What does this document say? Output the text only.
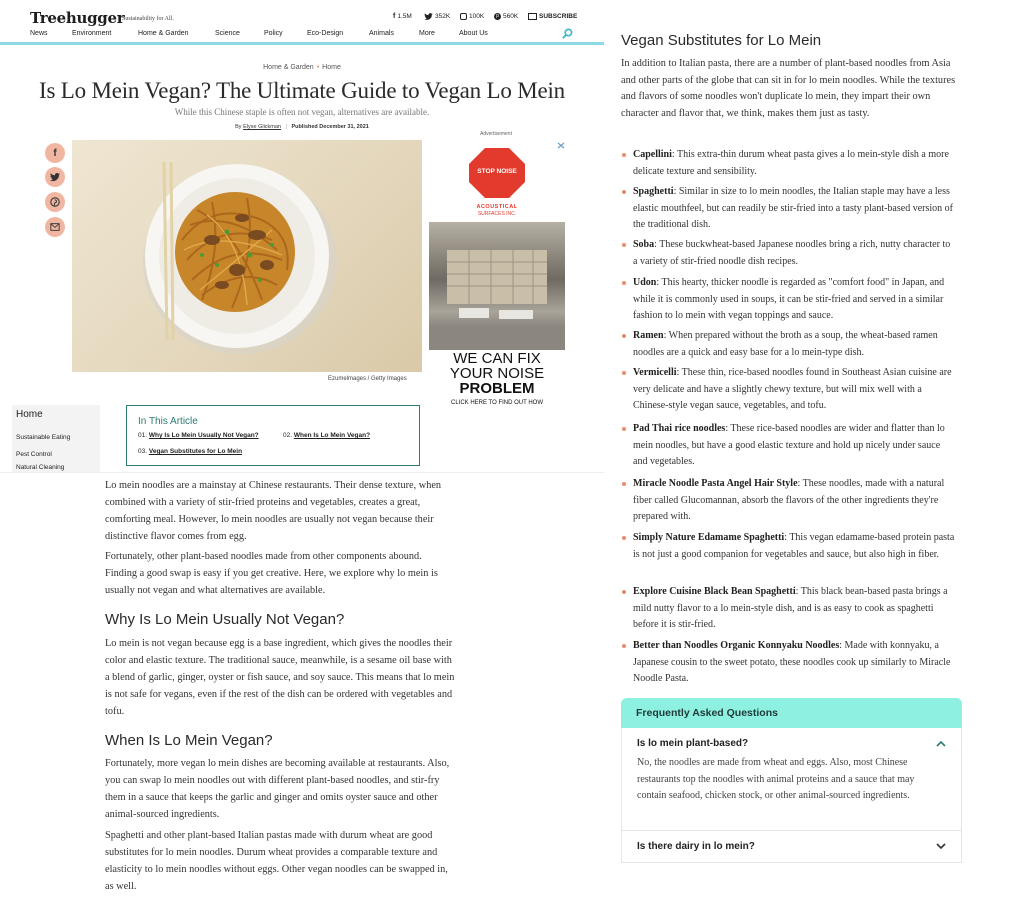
Treehugger
Sustainability for All.	f 1.5M	352K	100K	p 560K	SUBSCRIBE
News	Environment	Home & Garden	Science	Policy	Eco-Design	Animals	More	About Us
Home & Garden • Home
Is Lo Mein Vegan? The Ultimate Guide to Vegan Lo Mein
While this Chinese staple is often not vegan, alternatives are available.
By Elyse Glickman | Published December 31, 2021
Advertisement
f
Ezumelmages / Getty Images
STOP NOISE
ACOUSTICAL
SURFACES INC.
WE CAN FIX
YOUR NOISE
PROBLEM
CLICK HERE TO FIND OUT HOW
Home
Sustainable Eating
Pest Control
Natural Cleaning
In This Article
01. Why Is Lo Mein Usually Not Vegan?	02. When Is Lo Mein Vegan?
03. Vegan Substitutes for Lo Mein
Lo mein noodles are a mainstay at Chinese restaurants. Their dense texture, when combined with a variety of stir-fried proteins and vegetables, creates a great, comforting meal. However, lo mein noodles are usually not vegan because their distinctive flavor comes from egg.
Fortunately, other plant-based noodles made from other components abound. Finding a good swap is easy if you get creative. Here, we explore why lo mein is usually not vegan and what alternatives are available.
Why Is Lo Mein Usually Not Vegan?
Lo mein is not vegan because egg is a base ingredient, which gives the noodles their color and elastic texture. The traditional sauce, meanwhile, is a sesame oil base with a blend of garlic, ginger, oyster or fish sauce, and soy sauce. This means that lo mein is not safe for vegans, even if the rest of the dish can be ordered with vegetables and tofu.
When Is Lo Mein Vegan?
Fortunately, more vegan lo mein dishes are becoming available at restaurants. Also, you can swap lo mein noodles out with different plant-based noodles, and stir-fry them in a sauce that keeps the garlic and ginger and omits oyster sauce and other animal-sourced ingredients.
Spaghetti and other plant-based Italian pastas made with durum wheat are good substitutes for lo mein noodles. Durum wheat provides a comparable texture and elasticity to lo mein noodles without eggs. Other vegan noodles can be swapped in, as well.
Vegan Substitutes for Lo Mein
In addition to Italian pasta, there are a number of plant-based noodles from Asia and other parts of the globe that can sit in for lo mein noodles. While the textures and flavors of some noodles won't duplicate lo mein, they impart their own character and flavor that, we think, makes them just as tasty.
Capellini: This extra-thin durum wheat pasta gives a lo mein-style dish a more delicate texture and sensibility.
Spaghetti: Similar in size to lo mein noodles, the Italian staple may have a less elastic mouthfeel, but can readily be stir-fried into a tasty plant-based version of the traditional dish.
Soba: These buckwheat-based Japanese noodles bring a rich, nutty character to a variety of stir-fried noodle dish recipes.
Udon: This hearty, thicker noodle is regarded as "comfort food" in Japan, and while it is commonly used in soups, it can be stir-fried and served in a similar fashion to lo mein with vegan toppings and sauce.
Ramen: When prepared without the broth as a soup, the wheat-based ramen noodles are a quick and easy base for a lo mein-type dish.
Vermicelli: These thin, rice-based noodles found in Southeast Asian cuisine are very delicate and have a slightly chewy texture, but will mix well with a Chinese-style vegan sauce, vegetables, and tofu.
Pad Thai rice noodles: These rice-based noodles are wider and flatter than lo mein noodles, but have a good elastic texture and hold up nicely under sauce and vegetables.
Miracle Noodle Pasta Angel Hair Style: These noodles, made with a natural fiber called Glucomannan, absorb the flavors of the other ingredients they're prepared with.
Simply Nature Edamame Spaghetti: This vegan edamame-based protein pasta is not just a good companion for vegetables and sauce, but also high in fiber.
Explore Cuisine Black Bean Spaghetti: This black bean-based pasta brings a mild nutty flavor to a lo mein-style dish, and is as easy to cook as spaghetti before it is stir-fried.
Better than Noodles Organic Konnyaku Noodles: Made with konnyaku, a Japanese cousin to the sweet potato, these noodles cook up similarly to Miracle Noodle Pasta.
Frequently Asked Questions
Is lo mein plant-based?
No, the noodles are made from wheat and eggs. Also, most Chinese restaurants top the noodles with animal proteins and a sauce that may contain seafood, chicken stock, or other animal-sourced ingredients.
Is there dairy in lo mein?
